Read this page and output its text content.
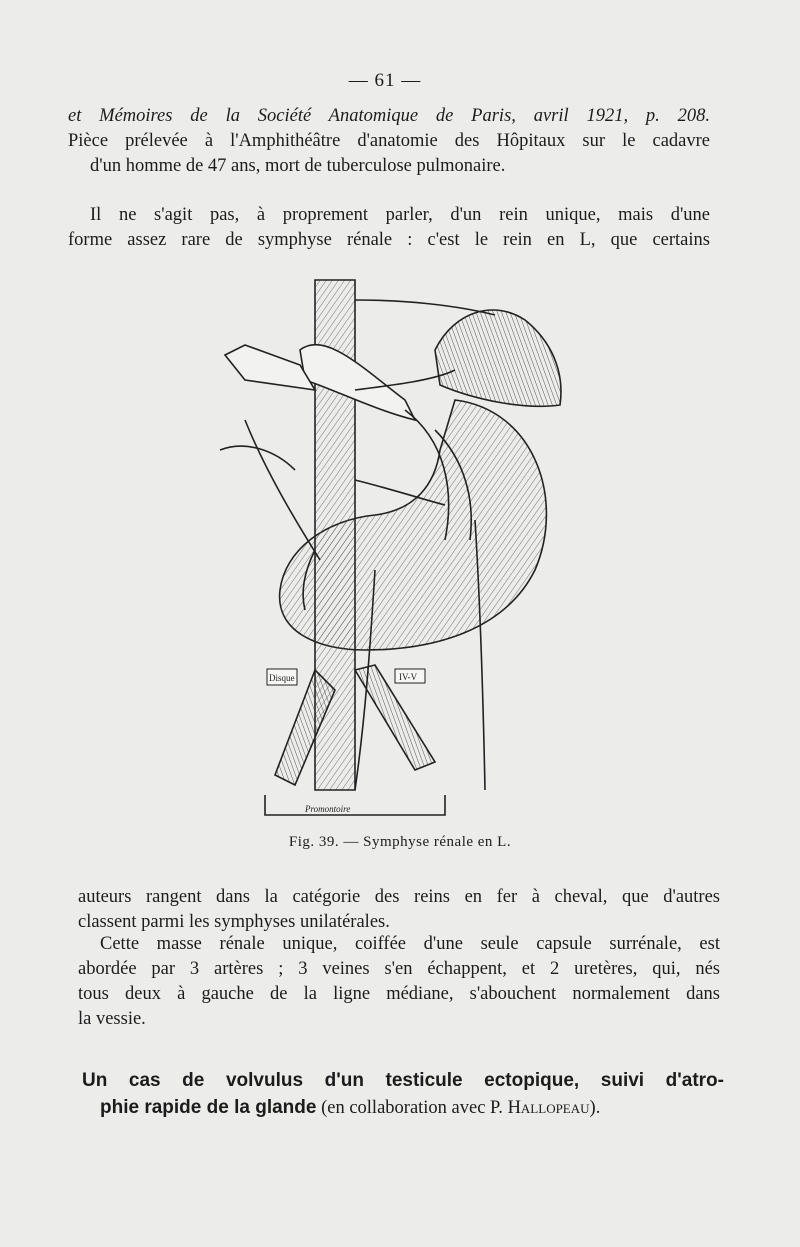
— 61 —
et Mémoires de la Société Anatomique de Paris, avril 1921, p. 208.
Pièce prélevée à l'Amphithéâtre d'anatomie des Hôpitaux sur le cadavre
d'un homme de 47 ans, mort de tuberculose pulmonaire.
Il ne s'agit pas, à proprement parler, d'un rein unique, mais d'une
forme assez rare de symphyse rénale : c'est le rein en L, que certains
Disque	IV-V
Promontoire
Fig. 39. — Symphyse rénale en L.
auteurs rangent dans la catégorie des reins en fer à cheval, que d'autres
classent parmi les symphyses unilatérales.
Cette masse rénale unique, coiffée d'une seule capsule surrénale, est
abordée par 3 artères ; 3 veines s'en échappent, et 2 uretères, qui, nés
tous deux à gauche de la ligne médiane, s'abouchent normalement dans
la vessie.
Un cas de volvulus d'un testicule ectopique, suivi d'atro-
phie rapide de la glande (en collaboration avec P. Hallopeau).
